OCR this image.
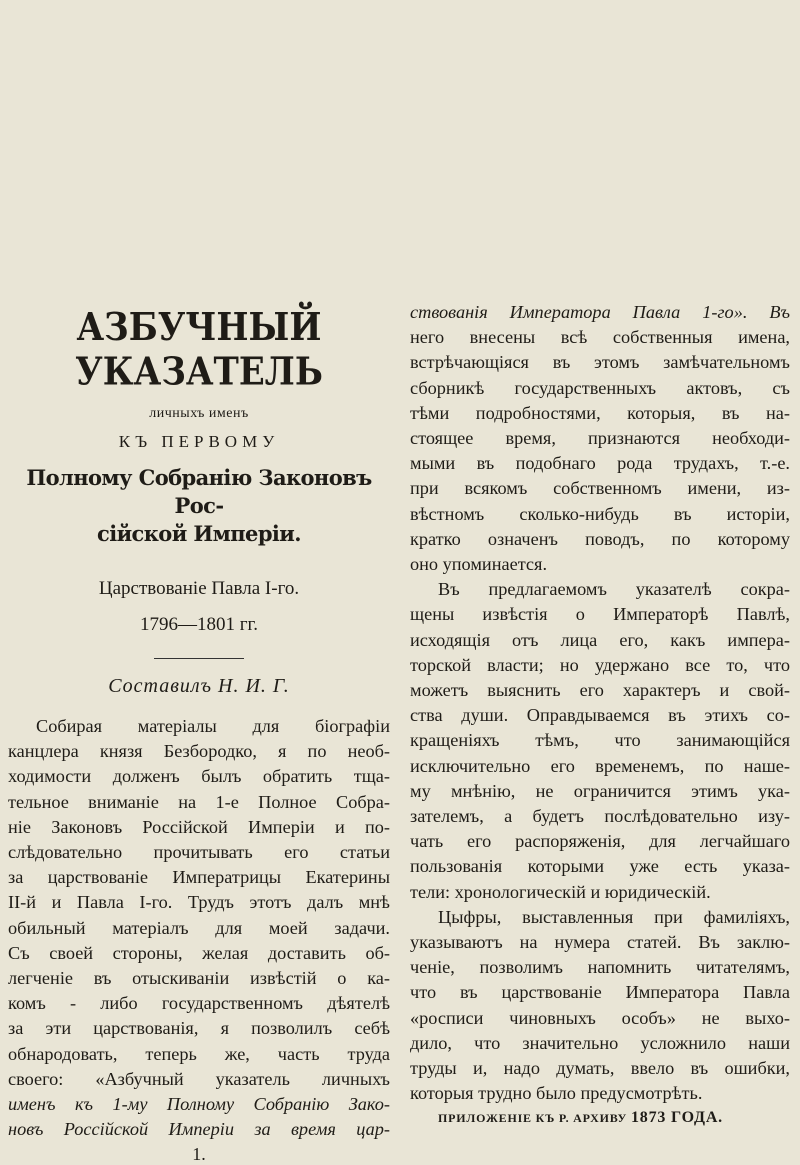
АЗБУЧНЫЙ УКАЗАТЕЛЬ
личныхъ именъ
КЪ ПЕРВОМУ
Полному Собранію Законовъ Рос-
сійской Имперіи.
Царствованіе Павла I-го.
1796—1801 гг.
Составилъ Н. И. Г.
Собирая матеріалы для біографіи
канцлера князя Безбородко, я по необ-
ходимости долженъ былъ обратить тща-
тельное вниманіе на 1-е Полное Собра-
ніе Законовъ Россійской Имперіи и по-
слѣдовательно прочитывать его статьи
за царствованіе Императрицы Екатерины
II-й и Павла I-го. Трудъ этотъ далъ мнѣ
обильный матеріалъ для моей задачи.
Съ своей стороны, желая доставить об-
легченіе въ отыскиваніи извѣстій о ка-
комъ - либо государственномъ дѣятелѣ
за эти царствованія, я позволилъ себѣ
обнародовать, теперь же, часть труда
своего: «Азбучный указатель личныхъ
именъ къ 1-му Полному Собранію Зако-
новъ Россійской Имперіи за время цар-
1.
ствованія Императора Павла 1-го». Въ
него внесены всѣ собственныя имена,
встрѣчающіяся въ этомъ замѣчательномъ
сборникѣ государственныхъ актовъ, съ
тѣми подробностями, которыя, въ на-
стоящее время, признаются необходи-
мыми въ подобнаго рода трудахъ, т.-е.
при всякомъ собственномъ имени, из-
вѣстномъ сколько-нибудь въ исторіи,
кратко означенъ поводъ, по которому
оно упоминается.
Въ предлагаемомъ указателѣ сокра-
щены извѣстія о Императорѣ Павлѣ,
исходящія отъ лица его, какъ импера-
торской власти; но удержано все то, что
можетъ выяснить его характеръ и свой-
ства души. Оправдываемся въ этихъ со-
кращеніяхъ тѣмъ, что занимающійся
исключительно его временемъ, по наше-
му мнѣнію, не ограничится этимъ ука-
зателемъ, а будетъ послѣдовательно изу-
чать его распоряженія, для легчайшаго
пользованія которыми уже есть указа-
тели: хронологическій и юридическій.
Цыфры, выставленныя при фамиліяхъ,
указываютъ на нумера статей. Въ заклю-
ченіе, позволимъ напомнить читателямъ,
что въ царствованіе Императора Павла
«росписи чиновныхъ особъ» не выхо-
дило, что значительно усложнило наши
труды и, надо думать, ввело въ ошибки,
которыя трудно было предусмотрѣть.
ПРИЛОЖЕНІЕ КЪ Р. АРХИВУ 1873 ГОДА.
